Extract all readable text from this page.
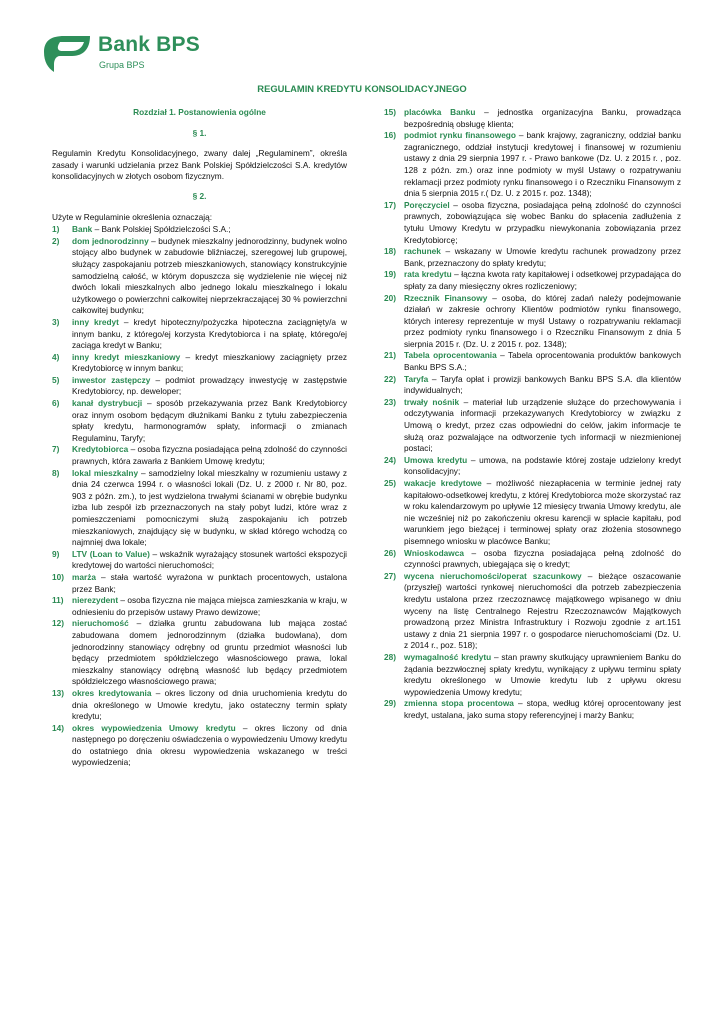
Bank BPS
Grupa BPS
REGULAMIN KREDYTU KONSOLIDACYJNEGO
Rozdział 1. Postanowienia ogólne
§ 1.
Regulamin Kredytu Konsolidacyjnego, zwany dalej „Regulaminem”, określa zasady i warunki udzielania przez Bank Polskiej Spółdzielczości S.A. kredytów konsolidacyjnych w złotych osobom fizycznym.
§ 2.
Użyte w Regulaminie określenia oznaczają:
1) Bank – Bank Polskiej Spółdzielczości S.A.;
2) dom jednorodzinny – budynek mieszkalny jednorodzinny, budynek wolno stojący albo budynek w zabudowie bliźniaczej, szeregowej lub grupowej, służący zaspokajaniu potrzeb mieszkaniowych, stanowiący konstrukcyjnie samodzielną całość, w którym dopuszcza się wydzielenie nie więcej niż dwóch lokali mieszkalnych albo jednego lokalu mieszkalnego i lokalu użytkowego o powierzchni całkowitej nieprzekraczającej 30 % powierzchni całkowitej budynku;
3) inny kredyt – kredyt hipoteczny/pożyczka hipoteczna zaciągnięty/a w innym banku, z którego/ej korzysta Kredytobiorca i na spłatę, którego/ej zaciąga kredyt w Banku;
4) inny kredyt mieszkaniowy – kredyt mieszkaniowy zaciągnięty przez Kredytobiorcę w innym banku;
5) inwestor zastępczy – podmiot prowadzący inwestycję w zastępstwie Kredytobiorcy, np. deweloper;
6) kanał dystrybucji – sposób przekazywania przez Bank Kredytobiorcy oraz innym osobom będącym dłużnikami Banku z tytułu zabezpieczenia spłaty kredytu, harmonogramów spłaty, informacji o zmianach Regulaminu, Taryfy;
7) Kredytobiorca – osoba fizyczna posiadająca pełną zdolność do czynności prawnych, która zawarła z Bankiem Umowę kredytu;
8) lokal mieszkalny – samodzielny lokal mieszkalny w rozumieniu ustawy z dnia 24 czerwca 1994 r. o własności lokali (Dz. U. z 2000 r. Nr 80, poz. 903 z późn. zm.), to jest wydzielona trwałymi ścianami w obrębie budynku izba lub zespół izb przeznaczonych na stały pobyt ludzi, które wraz z pomieszczeniami pomocniczymi służą zaspokajaniu ich potrzeb mieszkaniowych, znajdujący się w budynku, w skład którego wchodzą co najmniej dwa lokale;
9) LTV (Loan to Value) – wskaźnik wyrażający stosunek wartości ekspozycji kredytowej do wartości nieruchomości;
10) marża – stała wartość wyrażona w punktach procentowych, ustalona przez Bank;
11) nierezydent – osoba fizyczna nie mająca miejsca zamieszkania w kraju, w odniesieniu do przepisów ustawy Prawo dewizowe;
12) nieruchomość – działka gruntu zabudowana lub mająca zostać zabudowana domem jednorodzinnym (działka budowlana), dom jednorodzinny stanowiący odrębny od gruntu przedmiot własności lub będący przedmiotem spółdzielczego własnościowego prawa, lokal mieszkalny stanowiący odrębną własność lub będący przedmiotem spółdzielczego własnościowego prawa;
13) okres kredytowania – okres liczony od dnia uruchomienia kredytu do dnia określonego w Umowie kredytu, jako ostateczny termin spłaty kredytu;
14) okres wypowiedzenia Umowy kredytu – okres liczony od dnia następnego po doręczeniu oświadczenia o wypowiedzeniu Umowy kredytu do ostatniego dnia okresu wypowiedzenia wskazanego w treści wypowiedzenia;
15) placówka Banku – jednostka organizacyjna Banku, prowadząca bezpośrednią obsługę klienta;
16) podmiot rynku finansowego – bank krajowy, zagraniczny, oddział banku zagranicznego, oddział instytucji kredytowej i finansowej w rozumieniu ustawy z dnia 29 sierpnia 1997 r. - Prawo bankowe (Dz. U. z 2015 r. , poz. 128 z późn. zm.) oraz inne podmioty w myśl Ustawy o rozpatrywaniu reklamacji przez podmioty rynku finansowego i o Rzeczniku Finansowym z dnia 5 sierpnia 2015 r.( Dz. U. z 2015 r. poz. 1348);
17) Poręczyciel – osoba fizyczna, posiadająca pełną zdolność do czynności prawnych, zobowiązująca się wobec Banku do spłacenia zadłużenia z tytułu Umowy Kredytu w przypadku niewykonania zobowiązania przez Kredytobiorcę;
18) rachunek – wskazany w Umowie kredytu rachunek prowadzony przez Bank, przeznaczony do spłaty kredytu;
19) rata kredytu – łączna kwota raty kapitałowej i odsetkowej przypadająca do spłaty za dany miesięczny okres rozliczeniowy;
20) Rzecznik Finansowy – osoba, do której zadań należy podejmowanie działań w zakresie ochrony Klientów podmiotów rynku finansowego, których interesy reprezentuje w myśl Ustawy o rozpatrywaniu reklamacji przez podmioty rynku finansowego i o Rzeczniku Finansowym z dnia 5 sierpnia 2015 r. (Dz. U. z 2015 r. poz. 1348);
21) Tabela oprocentowania – Tabela oprocentowania produktów bankowych Banku BPS S.A.;
22) Taryfa – Taryfa opłat i prowizji bankowych Banku BPS S.A. dla klientów indywidualnych;
23) trwały nośnik – materiał lub urządzenie służące do przechowywania i odczytywania informacji przekazywanych Kredytobiorcy w związku z Umową o kredyt, przez czas odpowiedni do celów, jakim informacje te służą oraz pozwalające na odtworzenie tych informacji w niezmienionej postaci;
24) Umowa kredytu – umowa, na podstawie której zostaje udzielony kredyt konsolidacyjny;
25) wakacje kredytowe – możliwość niezapłacenia w terminie jednej raty kapitałowo-odsetkowej kredytu, z której Kredytobiorca może skorzystać raz w roku kalendarzowym po upływie 12 miesięcy trwania Umowy kredytu, ale nie wcześniej niż po zakończeniu okresu karencji w spłacie kapitału, pod warunkiem jego bieżącej i terminowej spłaty oraz złożenia stosownego pisemnego wniosku w placówce Banku;
26) Wnioskodawca – osoba fizyczna posiadająca pełną zdolność do czynności prawnych, ubiegająca się o kredyt;
27) wycena nieruchomości/operat szacunkowy – bieżące oszacowanie (przyszłej) wartości rynkowej nieruchomości dla potrzeb zabezpieczenia kredytu ustalona przez rzeczoznawcę majątkowego wpisanego w dniu wyceny na listę Centralnego Rejestru Rzeczoznawców Majątkowych prowadzoną przez Ministra Infrastruktury i Rozwoju zgodnie z art.151 ustawy z dnia 21 sierpnia 1997 r. o gospodarce nieruchomościami (Dz. U. z 2014 r., poz. 518);
28) wymagalność kredytu – stan prawny skutkujący uprawnieniem Banku do żądania bezzwłocznej spłaty kredytu, wynikający z upływu terminu spłaty kredytu określonego w Umowie kredytu lub z upływu okresu wypowiedzenia Umowy kredytu;
29) zmienna stopa procentowa – stopa, według której oprocentowany jest kredyt, ustalana, jako suma stopy referencyjnej i marży Banku;
